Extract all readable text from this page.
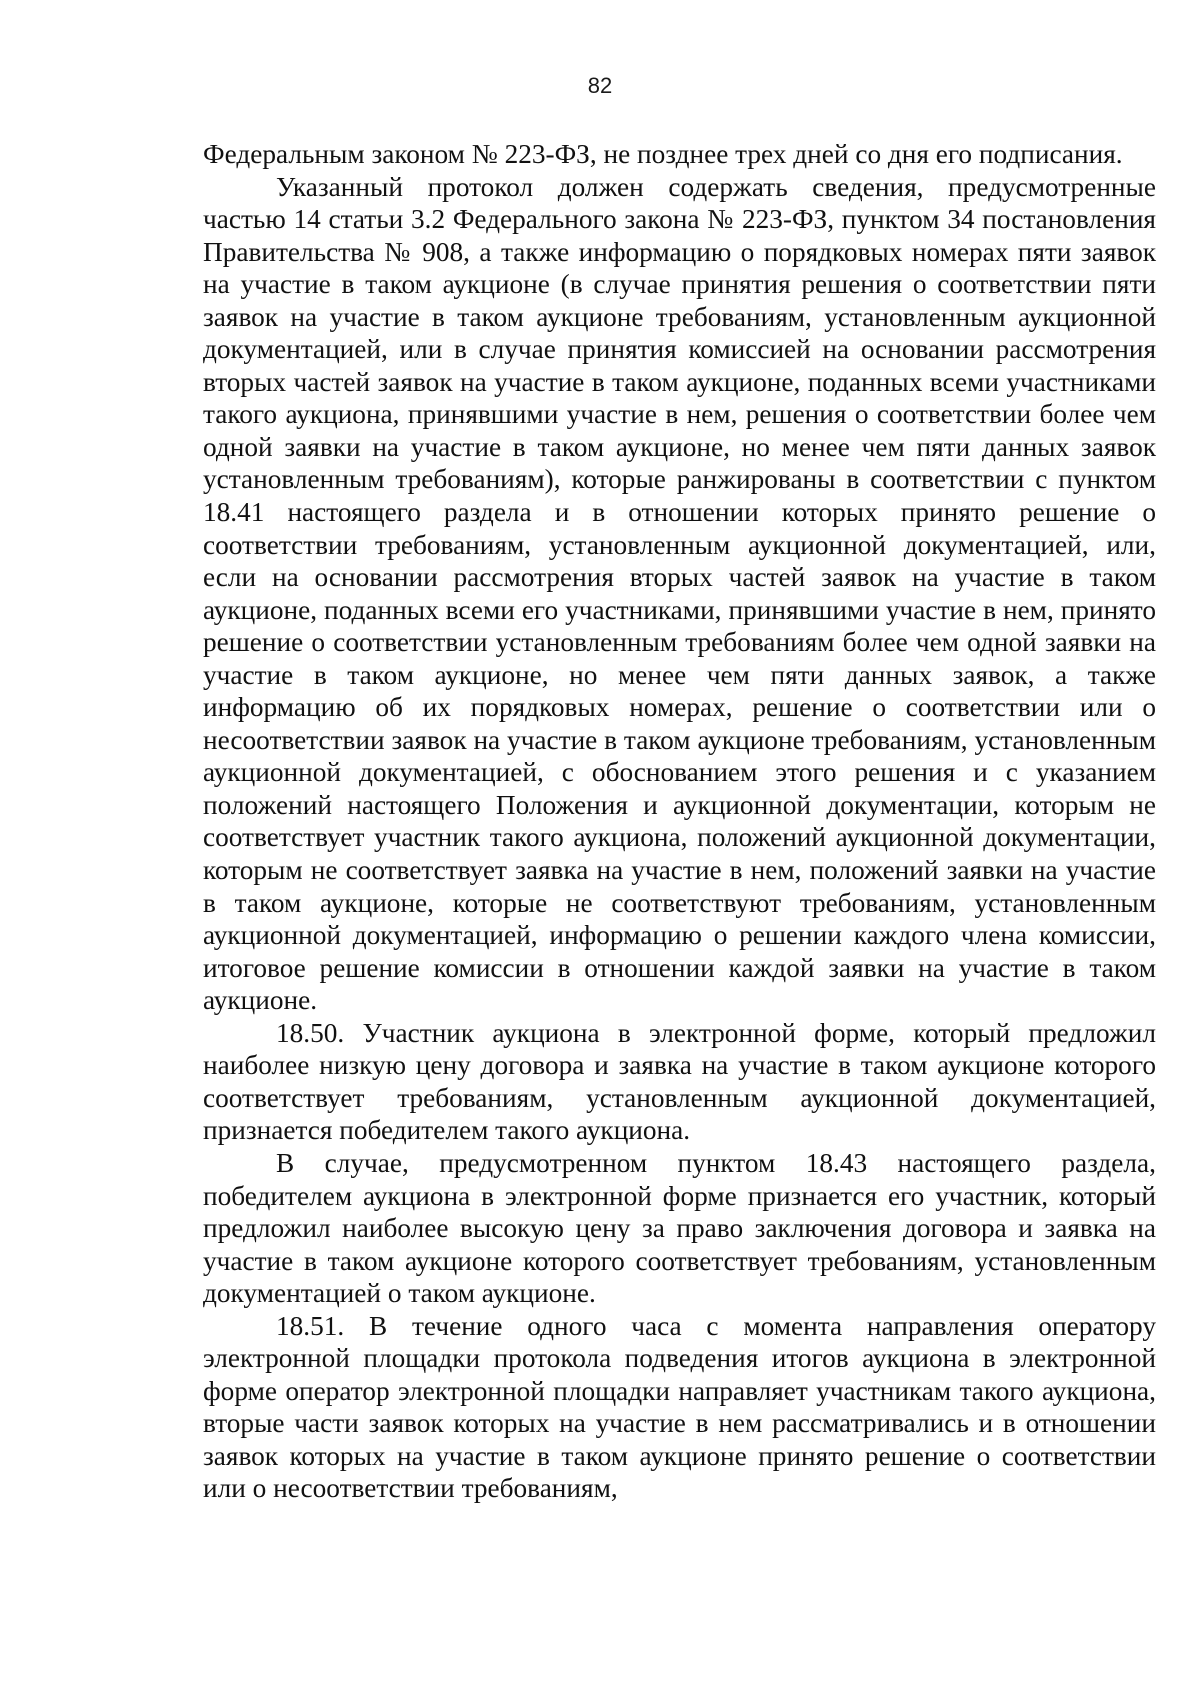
82

Федеральным законом № 223-ФЗ, не позднее трех дней со дня его подписания.

Указанный протокол должен содержать сведения, предусмотренные частью 14 статьи 3.2 Федерального закона № 223-ФЗ, пунктом 34 постановления Правительства № 908, а также информацию о порядковых номерах пяти заявок на участие в таком аукционе (в случае принятия решения о соответствии пяти заявок на участие в таком аукционе требованиям, установленным аукционной документацией, или в случае принятия комиссией на основании рассмотрения вторых частей заявок на участие в таком аукционе, поданных всеми участниками такого аукциона, принявшими участие в нем, решения о соответствии более чем одной заявки на участие в таком аукционе, но менее чем пяти данных заявок установленным требованиям), которые ранжированы в соответствии с пунктом 18.41 настоящего раздела и в отношении которых принято решение о соответствии требованиям, установленным аукционной документацией, или, если на основании рассмотрения вторых частей заявок на участие в таком аукционе, поданных всеми его участниками, принявшими участие в нем, принято решение о соответствии установленным требованиям более чем одной заявки на участие в таком аукционе, но менее чем пяти данных заявок, а также информацию об их порядковых номерах, решение о соответствии или о несоответствии заявок на участие в таком аукционе требованиям, установленным аукционной документацией, с обоснованием этого решения и с указанием положений настоящего Положения и аукционной документации, которым не соответствует участник такого аукциона, положений аукционной документации, которым не соответствует заявка на участие в нем, положений заявки на участие в таком аукционе, которые не соответствуют требованиям, установленным аукционной документацией, информацию о решении каждого члена комиссии, итоговое решение комиссии в отношении каждой заявки на участие в таком аукционе.

18.50. Участник аукциона в электронной форме, который предложил наиболее низкую цену договора и заявка на участие в таком аукционе которого соответствует требованиям, установленным аукционной документацией, признается победителем такого аукциона.

В случае, предусмотренном пунктом 18.43 настоящего раздела, победителем аукциона в электронной форме признается его участник, который предложил наиболее высокую цену за право заключения договора и заявка на участие в таком аукционе которого соответствует требованиям, установленным документацией о таком аукционе.

18.51. В течение одного часа с момента направления оператору электронной площадки протокола подведения итогов аукциона в электронной форме оператор электронной площадки направляет участникам такого аукциона, вторые части заявок которых на участие в нем рассматривались и в отношении заявок которых на участие в таком аукционе принято решение о соответствии или о несоответствии требованиям,
